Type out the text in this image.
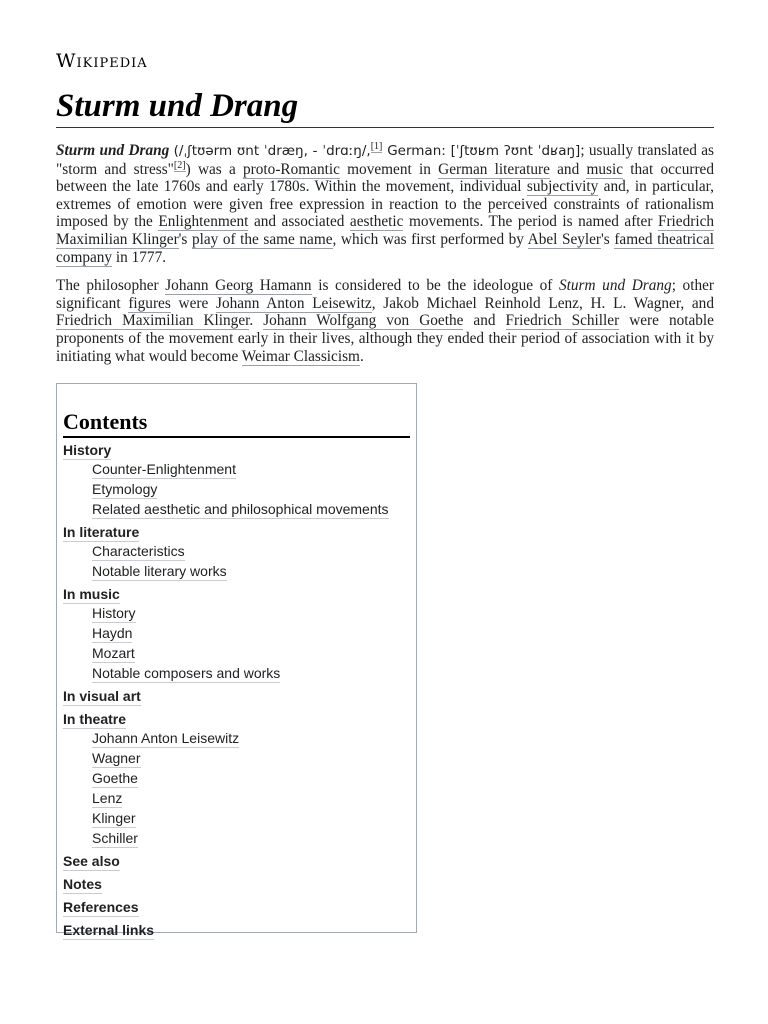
Wikipedia
Sturm und Drang

Sturm und Drang (/ˌʃtʊərm ʊnt ˈdræŋ, - ˈdrɑːŋ/,[1] German: [ˈʃtʊʁm ʔʊnt ˈdʁaŋ]; usually translated as "storm and stress"[2]) was a proto-Romantic movement in German literature and music that occurred between the late 1760s and early 1780s. Within the movement, individual subjectivity and, in particular, extremes of emotion were given free expression in reaction to the perceived constraints of rationalism imposed by the Enlightenment and associated aesthetic movements. The period is named after Friedrich Maximilian Klinger's play of the same name, which was first performed by Abel Seyler's famed theatrical company in 1777.

The philosopher Johann Georg Hamann is considered to be the ideologue of Sturm und Drang; other significant figures were Johann Anton Leisewitz, Jakob Michael Reinhold Lenz, H. L. Wagner, and Friedrich Maximilian Klinger. Johann Wolfgang von Goethe and Friedrich Schiller were notable proponents of the movement early in their lives, although they ended their period of association with it by initiating what would become Weimar Classicism.

Contents
History
Counter-Enlightenment
Etymology
Related aesthetic and philosophical movements
In literature
Characteristics
Notable literary works
In music
History
Haydn
Mozart
Notable composers and works
In visual art
In theatre
Johann Anton Leisewitz
Wagner
Goethe
Lenz
Klinger
Schiller
See also
Notes
References
External links
